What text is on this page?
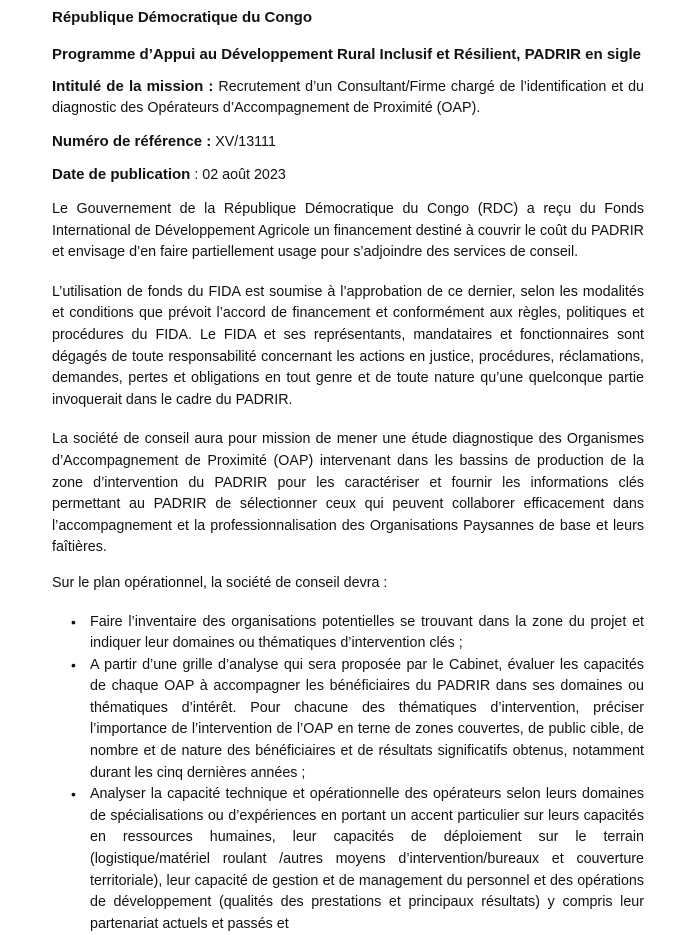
République Démocratique du Congo
Programme d’Appui au Développement Rural Inclusif et Résilient, PADRIR en sigle
Intitulé de la mission : Recrutement d’un Consultant/Firme chargé de l’identification et du diagnostic des Opérateurs d’Accompagnement de Proximité (OAP).
Numéro de référence : XV/13111
Date de publication : 02 août 2023

Le Gouvernement de la République Démocratique du Congo (RDC) a reçu du Fonds International de Développement Agricole un financement destiné à couvrir le coût du PADRIR et envisage d’en faire partiellement usage pour s’adjoindre des services de conseil.

L’utilisation de fonds du FIDA est soumise à l’approbation de ce dernier, selon les modalités et conditions que prévoit l’accord de financement et conformément aux règles, politiques et procédures du FIDA. Le FIDA et ses représentants, mandataires et fonctionnaires sont dégagés de toute responsabilité concernant les actions en justice, procédures, réclamations, demandes, pertes et obligations en tout genre et de toute nature qu’une quelconque partie invoquerait dans le cadre du PADRIR.

La société de conseil aura pour mission de mener une étude diagnostique des Organismes d’Accompagnement de Proximité (OAP) intervenant dans les bassins de production de la zone d’intervention du PADRIR pour les caractériser et fournir les informations clés permettant au PADRIR de sélectionner ceux qui peuvent collaborer efficacement dans l’accompagnement et la professionnalisation des Organisations Paysannes de base et leurs faîtières.

Sur le plan opérationnel, la société de conseil devra :

• Faire l’inventaire des organisations potentielles se trouvant dans la zone du projet et indiquer leur domaines ou thématiques d’intervention clés ;
• A partir d’une grille d’analyse qui sera proposée par le Cabinet, évaluer les capacités de chaque OAP à accompagner les bénéficiaires du PADRIR dans ses domaines ou thématiques d’intérêt. Pour chacune des thématiques d’intervention, préciser l’importance de l’intervention de l’OAP en terne de zones couvertes, de public cible, de nombre et de nature des bénéficiaires et de résultats significatifs obtenus, notamment durant les cinq dernières années ;
• Analyser la capacité technique et opérationnelle des opérateurs selon leurs domaines de spécialisations ou d’expériences en portant un accent particulier sur leurs capacités en ressources humaines, leur capacités de déploiement sur le terrain (logistique/matériel roulant /autres moyens d’intervention/bureaux et couverture territoriale), leur capacité de gestion et de management du personnel et des opérations de développement (qualités des prestations et principaux résultats) y compris leur partenariat actuels et passés et
